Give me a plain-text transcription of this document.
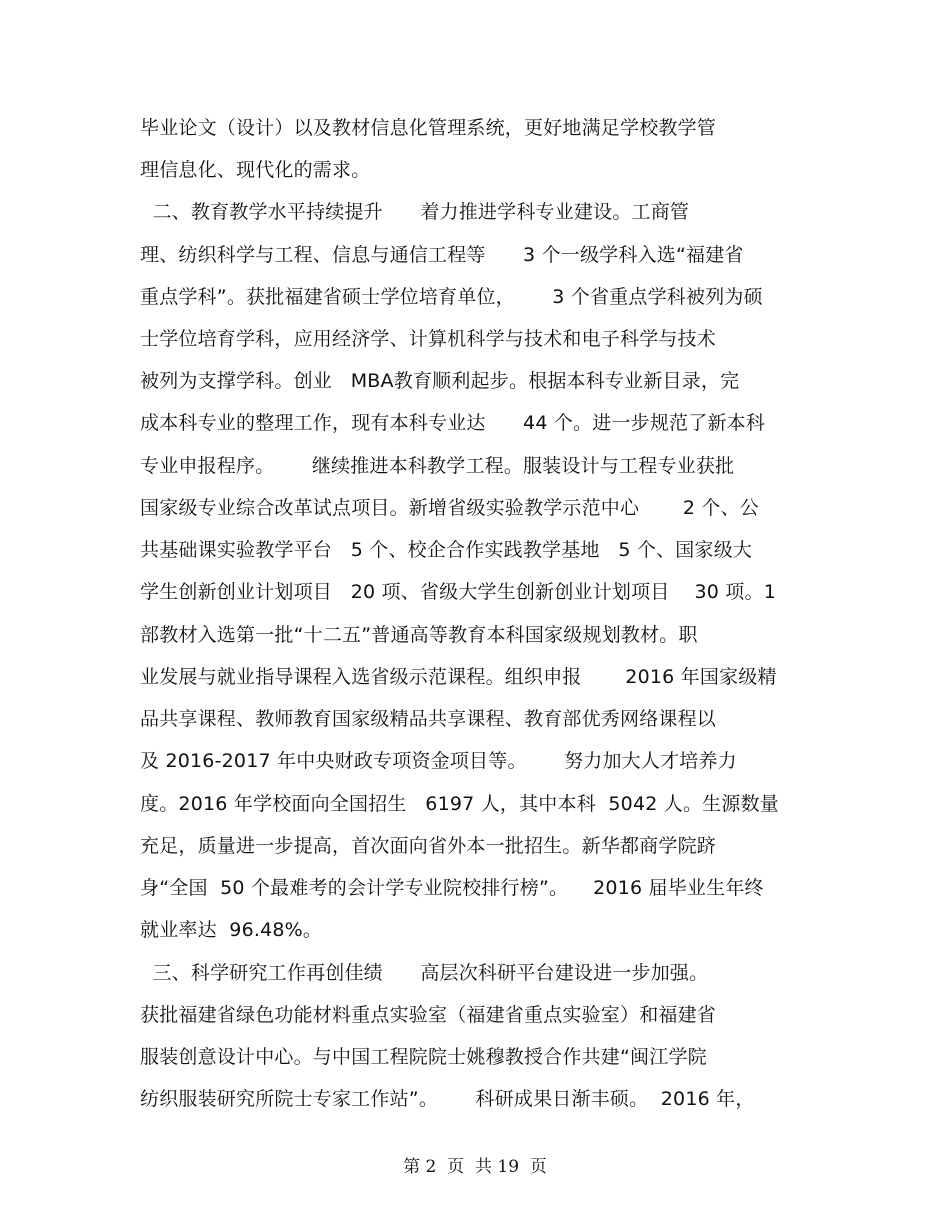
毕业论文（设计）以及教材信息化管理系统，更好地满足学校教学管
理信息化、现代化的需求。
二、教育教学水平持续提升      着力推进学科专业建设。工商管
理、纺织科学与工程、信息与通信工程等      3 个一级学科入选“福建省
重点学科”。获批福建省硕士学位培育单位，      3 个省重点学科被列为硕
士学位培育学科，应用经济学、计算机科学与技术和电子科学与技术
被列为支撑学科。创业   MBA教育顺利起步。根据本科专业新目录，完
成本科专业的整理工作，现有本科专业达      44 个。进一步规范了新本科
专业申报程序。      继续推进本科教学工程。服装设计与工程专业获批
国家级专业综合改革试点项目。新增省级实验教学示范中心       2 个、公
共基础课实验教学平台   5 个、校企合作实践教学基地   5 个、国家级大
学生创新创业计划项目   20 项、省级大学生创新创业计划项目    30 项。1
部教材入选第一批“十二五”普通高等教育本科国家级规划教材。职
业发展与就业指导课程入选省级示范课程。组织申报       2016 年国家级精
品共享课程、教师教育国家级精品共享课程、教育部优秀网络课程以
及 2016-2017 年中央财政专项资金项目等。      努力加大人才培养力
度。2016 年学校面向全国招生   6197 人，其中本科  5042 人。生源数量
充足，质量进一步提高，首次面向省外本一批招生。新华都商学院跻
身“全国  50 个最难考的会计学专业院校排行榜”。    2016 届毕业生年终
就业率达  96.48%。
三、科学研究工作再创佳绩      高层次科研平台建设进一步加强。
获批福建省绿色功能材料重点实验室（福建省重点实验室）和福建省
服装创意设计中心。与中国工程院院士姚穆教授合作共建“闽江学院
纺织服装研究所院士专家工作站”。      科研成果日渐丰硕。  2016 年，
第 2  页  共 19  页
